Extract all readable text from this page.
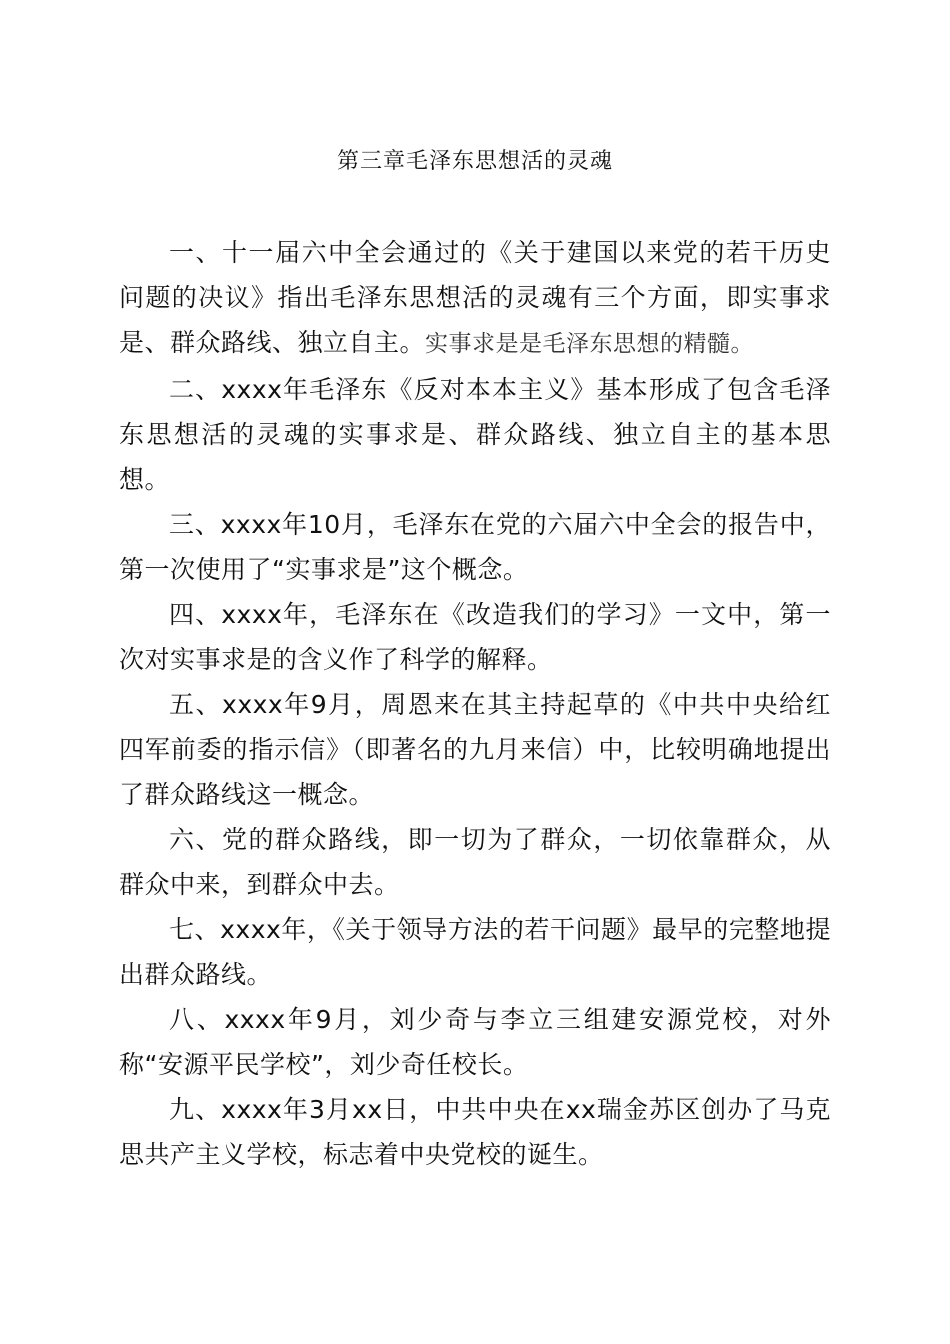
第三章毛泽东思想活的灵魂

一、十一届六中全会通过的《关于建国以来党的若干历史问题的决议》指出毛泽东思想活的灵魂有三个方面，即实事求是、群众路线、独立自主。实事求是是毛泽东思想的精髓。

二、xxxx年毛泽东《反对本本主义》基本形成了包含毛泽东思想活的灵魂的实事求是、群众路线、独立自主的基本思想。

三、xxxx年10月，毛泽东在党的六届六中全会的报告中，第一次使用了“实事求是”这个概念。

四、xxxx年，毛泽东在《改造我们的学习》一文中，第一次对实事求是的含义作了科学的解释。

五、xxxx年9月，周恩来在其主持起草的《中共中央给红四军前委的指示信》（即著名的九月来信）中，比较明确地提出了群众路线这一概念。

六、党的群众路线，即一切为了群众，一切依靠群众，从群众中来，到群众中去。

七、xxxx年，《关于领导方法的若干问题》最早的完整地提出群众路线。

八、xxxx年9月，刘少奇与李立三组建安源党校，对外称“安源平民学校”，刘少奇任校长。

九、xxxx年3月xx日，中共中央在xx瑞金苏区创办了马克思共产主义学校，标志着中央党校的诞生。
